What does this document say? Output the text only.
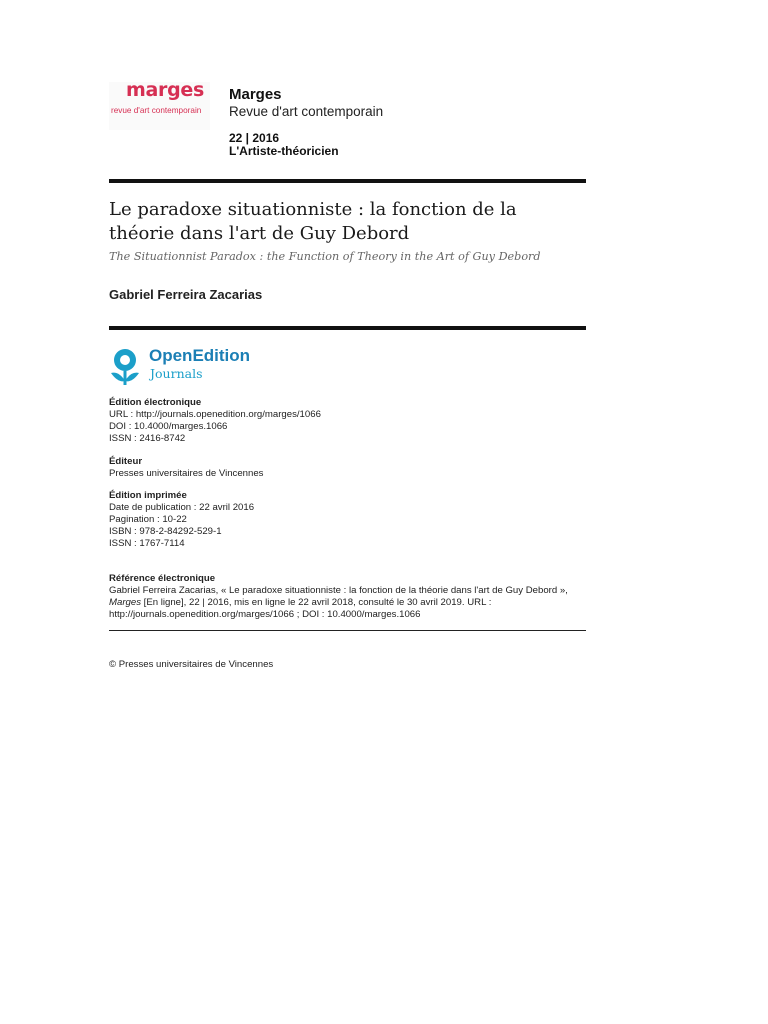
marges
revue d'art contemporain
Marges
Revue d'art contemporain
22 | 2016
L'Artiste-théoricien
Le paradoxe situationniste : la fonction de la théorie dans l'art de Guy Debord
The Situationnist Paradox : the Function of Theory in the Art of Guy Debord
Gabriel Ferreira Zacarias
OpenEdition
Journals
Édition électronique
URL : http://journals.openedition.org/marges/1066
DOI : 10.4000/marges.1066
ISSN : 2416-8742
Éditeur
Presses universitaires de Vincennes
Édition imprimée
Date de publication : 22 avril 2016
Pagination : 10-22
ISBN : 978-2-84292-529-1
ISSN : 1767-7114
Référence électronique
Gabriel Ferreira Zacarias, « Le paradoxe situationniste : la fonction de la théorie dans l'art de Guy Debord », Marges [En ligne], 22 | 2016, mis en ligne le 22 avril 2018, consulté le 30 avril 2019. URL : http://journals.openedition.org/marges/1066 ; DOI : 10.4000/marges.1066
© Presses universitaires de Vincennes
